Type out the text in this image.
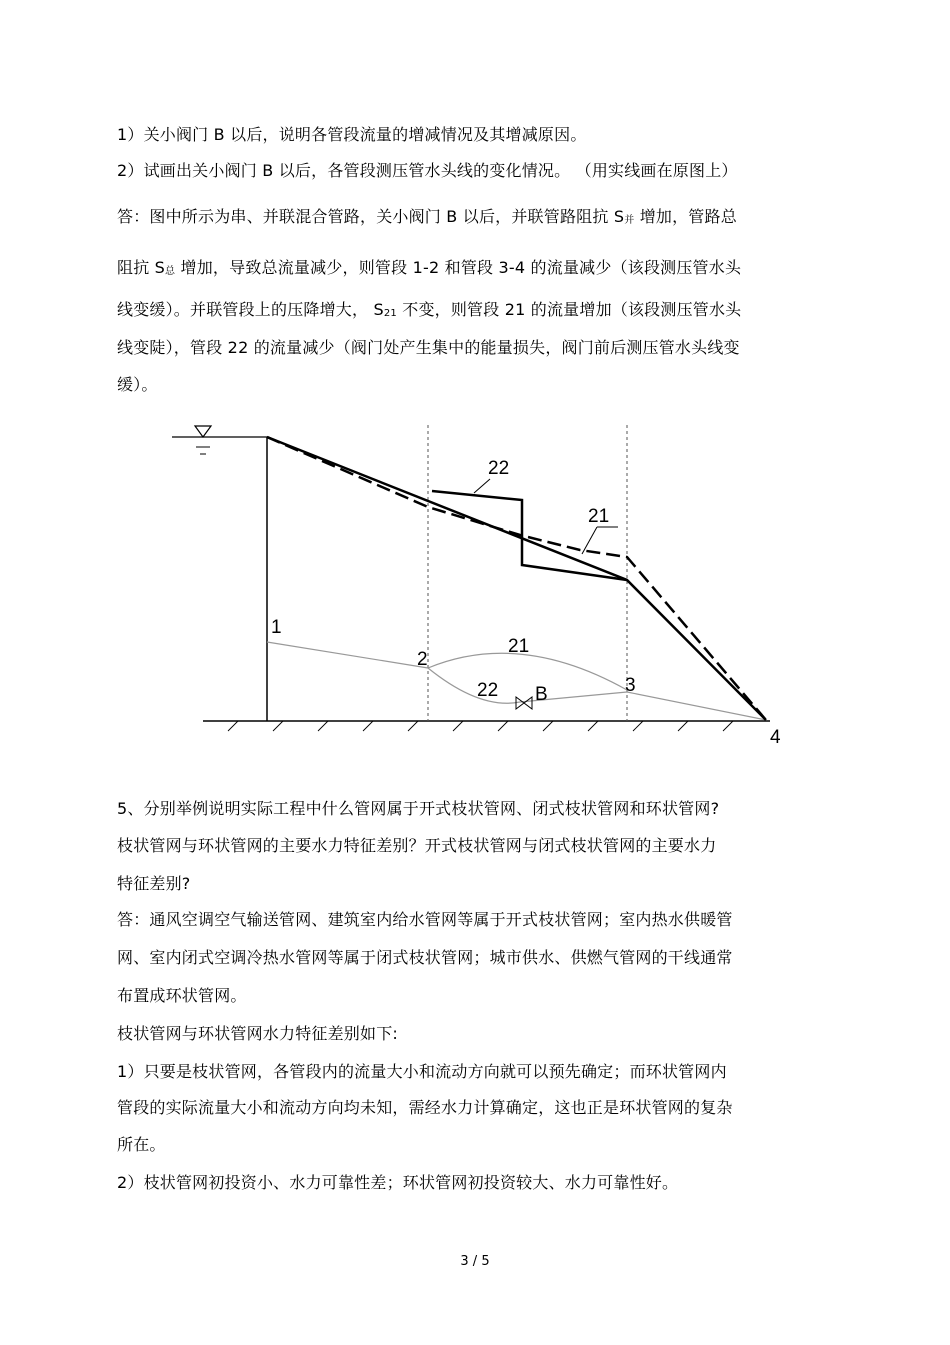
1）关小阀门 B 以后，说明各管段流量的增减情况及其增减原因。
2）试画出关小阀门 B 以后，各管段测压管水头线的变化情况。 （用实线画在原图上）
答：图中所示为串、并联混合管路，关小阀门 B 以后，并联管路阻抗 S并 增加，管路总
阻抗 S总 增加，导致总流量减少，则管段 1-2 和管段 3-4 的流量减少（该段测压管水头
线变缓）。并联管段上的压降增大， S21 不变，则管段 21 的流量增加（该段测压管水头
线变陡），管段 22 的流量减少（阀门处产生集中的能量损失，阀门前后测压管水头线变
缓）。
22
21
1
2
21
22 B	3
4
5、分别举例说明实际工程中什么管网属于开式枝状管网、闭式枝状管网和环状管网?
枝状管网与环状管网的主要水力特征差别？开式枝状管网与闭式枝状管网的主要水力
特征差别?
答：通风空调空气输送管网、建筑室内给水管网等属于开式枝状管网；室内热水供暖管
网、室内闭式空调冷热水管网等属于闭式枝状管网；城市供水、供燃气管网的干线通常
布置成环状管网。
枝状管网与环状管网水力特征差别如下:
1）只要是枝状管网，各管段内的流量大小和流动方向就可以预先确定；而环状管网内
管段的实际流量大小和流动方向均未知，需经水力计算确定，这也正是环状管网的复杂
所在。
2）枝状管网初投资小、水力可靠性差；环状管网初投资较大、水力可靠性好。
3 / 5
